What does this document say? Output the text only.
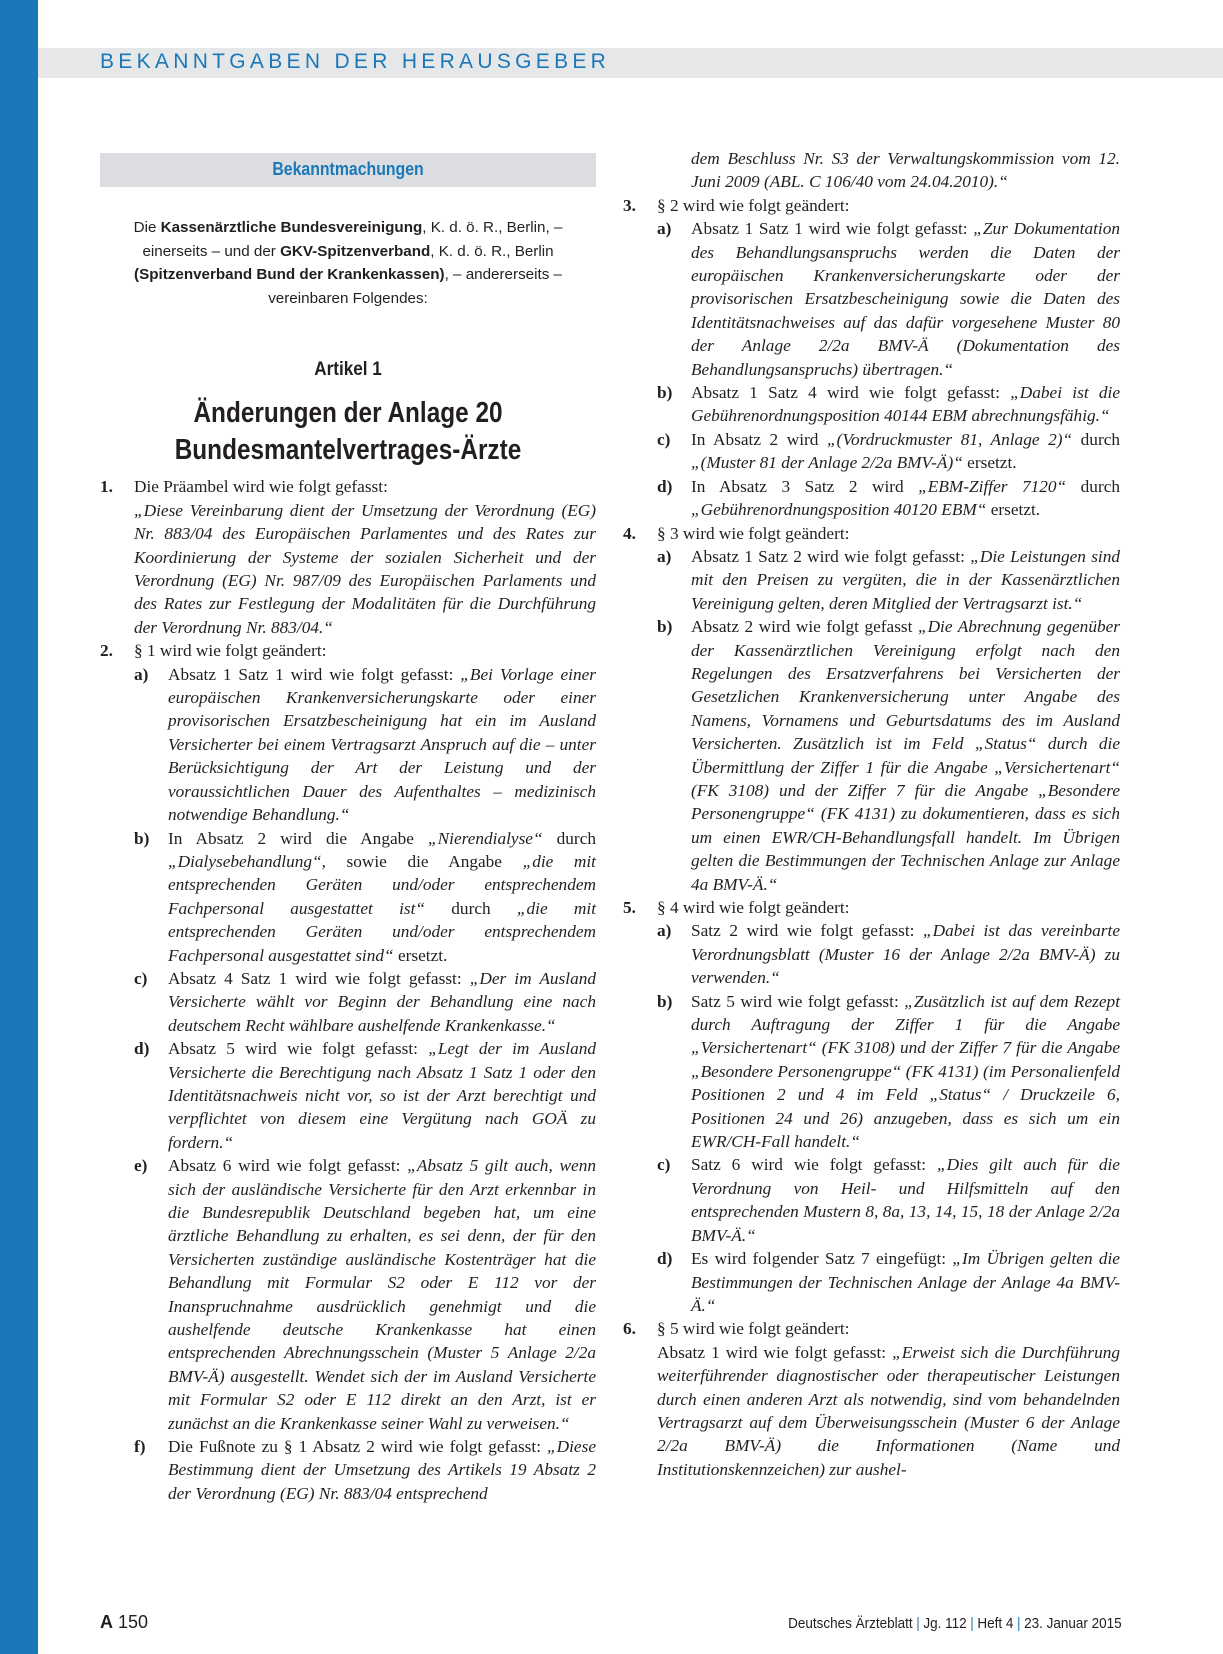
BEKANNTGABEN DER HERAUSGEBER
Bekanntmachungen
Die Kassenärztliche Bundesvereinigung, K. d. ö. R., Berlin, – einerseits – und der GKV-Spitzenverband, K. d. ö. R., Berlin (Spitzenverband Bund der Krankenkassen), – andererseits – vereinbaren Folgendes:
Artikel 1
Änderungen der Anlage 20
Bundesmantelvertrages-Ärzte
1.	Die Präambel wird wie folgt gefasst:
„Diese Vereinbarung dient der Umsetzung der Verordnung (EG) Nr. 883/04 des Europäischen Parlamentes und des Rates zur Koordinierung der Systeme der sozialen Sicherheit und der Verordnung (EG) Nr. 987/09 des Europäischen Parlaments und des Rates zur Festlegung der Modalitäten für die Durchführung der Verordnung Nr. 883/04.“
2.	§ 1 wird wie folgt geändert:
a)	Absatz 1 Satz 1 wird wie folgt gefasst: „Bei Vorlage einer europäischen Krankenversicherungskarte oder einer provisorischen Ersatzbescheinigung hat ein im Ausland Versicherter bei einem Vertragsarzt Anspruch auf die – unter Berücksichtigung der Art der Leistung und der voraussichtlichen Dauer des Aufenthaltes – medizinisch notwendige Behandlung.“
b)	In Absatz 2 wird die Angabe „Nierendialyse“ durch „Dialysebehandlung“, sowie die Angabe „die mit entsprechenden Geräten und/oder entsprechendem Fachpersonal ausgestattet ist“ durch „die mit entsprechenden Geräten und/oder entsprechendem Fachpersonal ausgestattet sind“ ersetzt.
c)	Absatz 4 Satz 1 wird wie folgt gefasst: „Der im Ausland Versicherte wählt vor Beginn der Behandlung eine nach deutschem Recht wählbare aushelfende Krankenkasse.“
d)	Absatz 5 wird wie folgt gefasst: „Legt der im Ausland Versicherte die Berechtigung nach Absatz 1 Satz 1 oder den Identitätsnachweis nicht vor, so ist der Arzt berechtigt und verpflichtet von diesem eine Vergütung nach GOÄ zu fordern.“
e)	Absatz 6 wird wie folgt gefasst: „Absatz 5 gilt auch, wenn sich der ausländische Versicherte für den Arzt erkennbar in die Bundesrepublik Deutschland begeben hat, um eine ärztliche Behandlung zu erhalten, es sei denn, der für den Versicherten zuständige ausländische Kostenträger hat die Behandlung mit Formular S2 oder E 112 vor der Inanspruchnahme ausdrücklich genehmigt und die aushelfende deutsche Krankenkasse hat einen entsprechenden Abrechnungsschein (Muster 5 Anlage 2/2a BMV-Ä) ausgestellt. Wendet sich der im Ausland Versicherte mit Formular S2 oder E 112 direkt an den Arzt, ist er zunächst an die Krankenkasse seiner Wahl zu verweisen.“
f)	Die Fußnote zu § 1 Absatz 2 wird wie folgt gefasst: „Diese Bestimmung dient der Umsetzung des Artikels 19 Absatz 2 der Verordnung (EG) Nr. 883/04 entsprechend
dem Beschluss Nr. S3 der Verwaltungskommission vom 12. Juni 2009 (ABL. C 106/40 vom 24.04.2010).“
3.	§ 2 wird wie folgt geändert:
a)	Absatz 1 Satz 1 wird wie folgt gefasst: „Zur Dokumentation des Behandlungsanspruchs werden die Daten der europäischen Krankenversicherungskarte oder der provisorischen Ersatzbescheinigung sowie die Daten des Identitätsnachweises auf das dafür vorgesehene Muster 80 der Anlage 2/2a BMV-Ä (Dokumentation des Behandlungsanspruchs) übertragen.“
b)	Absatz 1 Satz 4 wird wie folgt gefasst: „Dabei ist die Gebührenordnungsposition 40144 EBM abrechnungsfähig.“
c)	In Absatz 2 wird „(Vordruckmuster 81, Anlage 2)“ durch „(Muster 81 der Anlage 2/2a BMV-Ä)“ ersetzt.
d)	In Absatz 3 Satz 2 wird „EBM-Ziffer 7120“ durch „Gebührenordnungsposition 40120 EBM“ ersetzt.
4.	§ 3 wird wie folgt geändert:
a)	Absatz 1 Satz 2 wird wie folgt gefasst: „Die Leistungen sind mit den Preisen zu vergüten, die in der Kassenärztlichen Vereinigung gelten, deren Mitglied der Vertragsarzt ist.“
b)	Absatz 2 wird wie folgt gefasst „Die Abrechnung gegenüber der Kassenärztlichen Vereinigung erfolgt nach den Regelungen des Ersatzverfahrens bei Versicherten der Gesetzlichen Krankenversicherung unter Angabe des Namens, Vornamens und Geburtsdatums des im Ausland Versicherten. Zusätzlich ist im Feld „Status“ durch die Übermittlung der Ziffer 1 für die Angabe „Versichertenart“ (FK 3108) und der Ziffer 7 für die Angabe „Besondere Personengruppe“ (FK 4131) zu dokumentieren, dass es sich um einen EWR/CH-Behandlungsfall handelt. Im Übrigen gelten die Bestimmungen der Technischen Anlage zur Anlage 4a BMV-Ä.“
5.	§ 4 wird wie folgt geändert:
a)	Satz 2 wird wie folgt gefasst: „Dabei ist das vereinbarte Verordnungsblatt (Muster 16 der Anlage 2/2a BMV-Ä) zu verwenden.“
b)	Satz 5 wird wie folgt gefasst: „Zusätzlich ist auf dem Rezept durch Auftragung der Ziffer 1 für die Angabe „Versichertenart“ (FK 3108) und der Ziffer 7 für die Angabe „Besondere Personengruppe“ (FK 4131) (im Personalienfeld Positionen 2 und 4 im Feld „Status“ / Druckzeile 6, Positionen 24 und 26) anzugeben, dass es sich um ein EWR/CH-Fall handelt.“
c)	Satz 6 wird wie folgt gefasst: „Dies gilt auch für die Verordnung von Heil- und Hilfsmitteln auf den entsprechenden Mustern 8, 8a, 13, 14, 15, 18 der Anlage 2/2a BMV-Ä.“
d)	Es wird folgender Satz 7 eingefügt: „Im Übrigen gelten die Bestimmungen der Technischen Anlage der Anlage 4a BMV-Ä.“
6.	§ 5 wird wie folgt geändert:
Absatz 1 wird wie folgt gefasst: „Erweist sich die Durchführung weiterführender diagnostischer oder therapeutischer Leistungen durch einen anderen Arzt als notwendig, sind vom behandelnden Vertragsarzt auf dem Überweisungsschein (Muster 6 der Anlage 2/2a BMV-Ä) die Informationen (Name und Institutionskennzeichen) zur aushel-
A 150	Deutsches Ärzteblatt | Jg. 112 | Heft 4 | 23. Januar 2015
